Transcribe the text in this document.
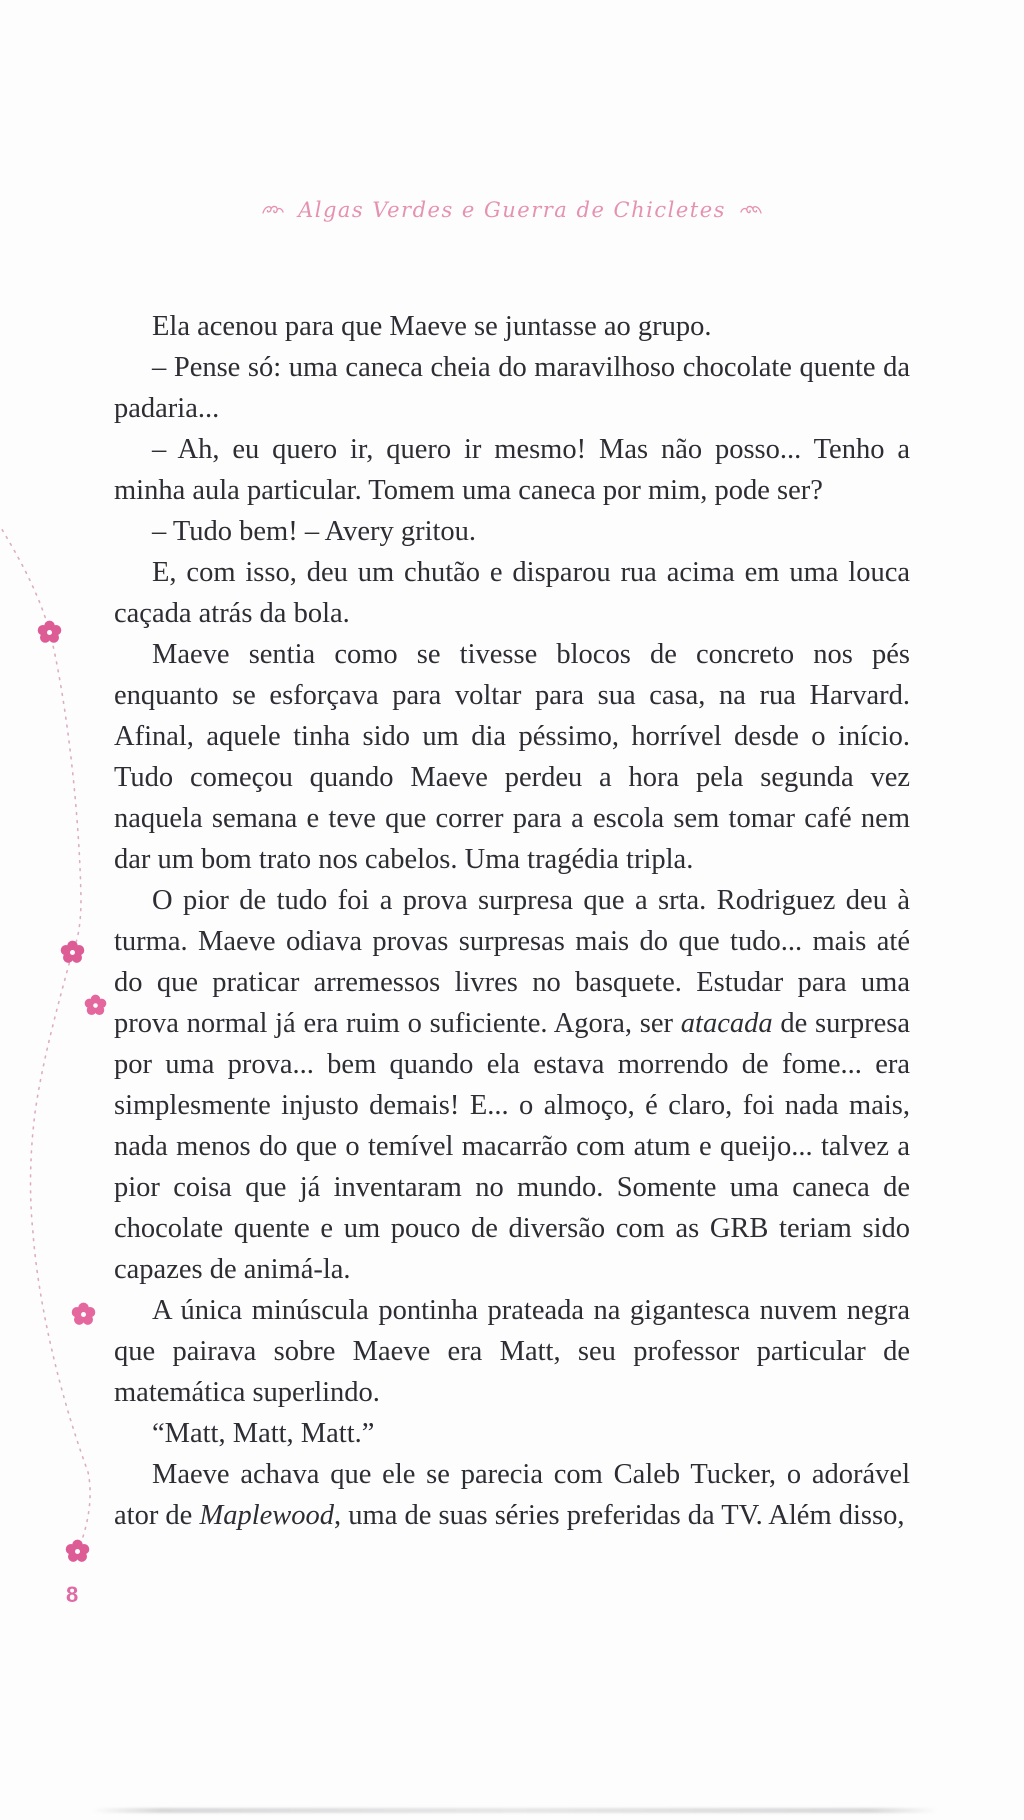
Algas Verdes e Guerra de Chicletes

Ela acenou para que Maeve se juntasse ao grupo.

– Pense só: uma caneca cheia do maravilhoso chocolate quente da padaria...

– Ah, eu quero ir, quero ir mesmo! Mas não posso... Tenho a minha aula particular. Tomem uma caneca por mim, pode ser?

– Tudo bem! – Avery gritou.

E, com isso, deu um chutão e disparou rua acima em uma louca caçada atrás da bola.

Maeve sentia como se tivesse blocos de concreto nos pés enquanto se esforçava para voltar para sua casa, na rua Harvard. Afinal, aquele tinha sido um dia péssimo, horrível desde o início. Tudo começou quando Maeve perdeu a hora pela segunda vez naquela semana e teve que correr para a escola sem tomar café nem dar um bom trato nos cabelos. Uma tragédia tripla.

O pior de tudo foi a prova surpresa que a srta. Rodriguez deu à turma. Maeve odiava provas surpresas mais do que tudo... mais até do que praticar arremessos livres no basquete. Estudar para uma prova normal já era ruim o suficiente. Agora, ser atacada de surpresa por uma prova... bem quando ela estava morrendo de fome... era simplesmente injusto demais! E... o almoço, é claro, foi nada mais, nada menos do que o temível macarrão com atum e queijo... talvez a pior coisa que já inventaram no mundo. Somente uma caneca de chocolate quente e um pouco de diversão com as GRB teriam sido capazes de animá-la.

A única minúscula pontinha prateada na gigantesca nuvem negra que pairava sobre Maeve era Matt, seu professor particular de matemática superlindo.

“Matt, Matt, Matt.”

Maeve achava que ele se parecia com Caleb Tucker, o adorável ator de Maplewood, uma de suas séries preferidas da TV. Além disso,

8
